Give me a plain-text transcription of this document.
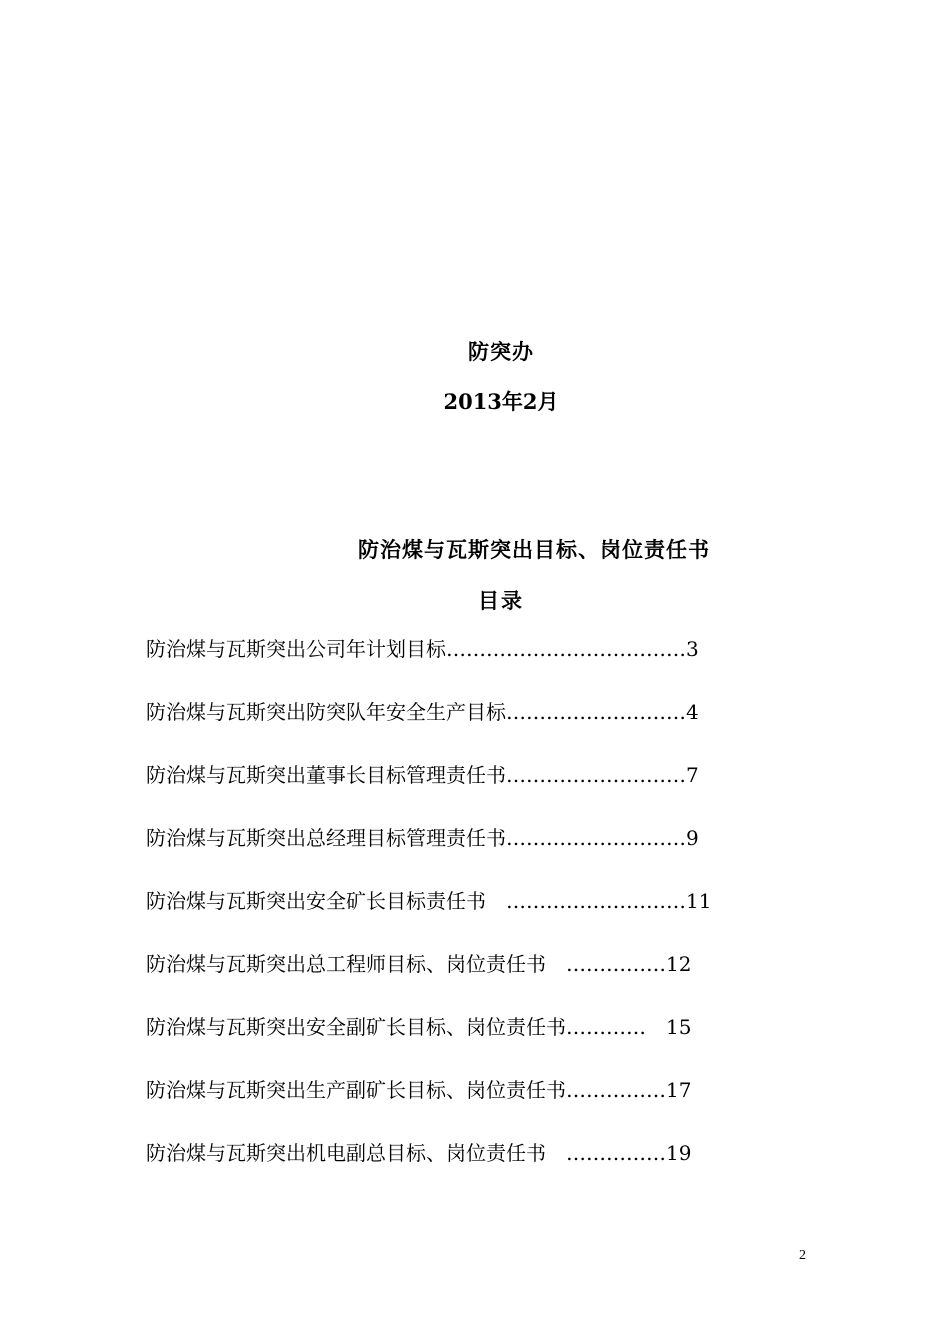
防突办
2013年2月
防治煤与瓦斯突出目标、岗位责任书
目录
防治煤与瓦斯突出公司年计划目标………………………………3
防治煤与瓦斯突出防突队年安全生产目标………………………4
防治煤与瓦斯突出董事长目标管理责任书………………………7
防治煤与瓦斯突出总经理目标管理责任书………………………9
防治煤与瓦斯突出安全矿长目标责任书　………………………11
防治煤与瓦斯突出总工程师目标、岗位责任书　……………12
防治煤与瓦斯突出安全副矿长目标、岗位责任书…………　15
防治煤与瓦斯突出生产副矿长目标、岗位责任书……………17
防治煤与瓦斯突出机电副总目标、岗位责任书　……………19
2
